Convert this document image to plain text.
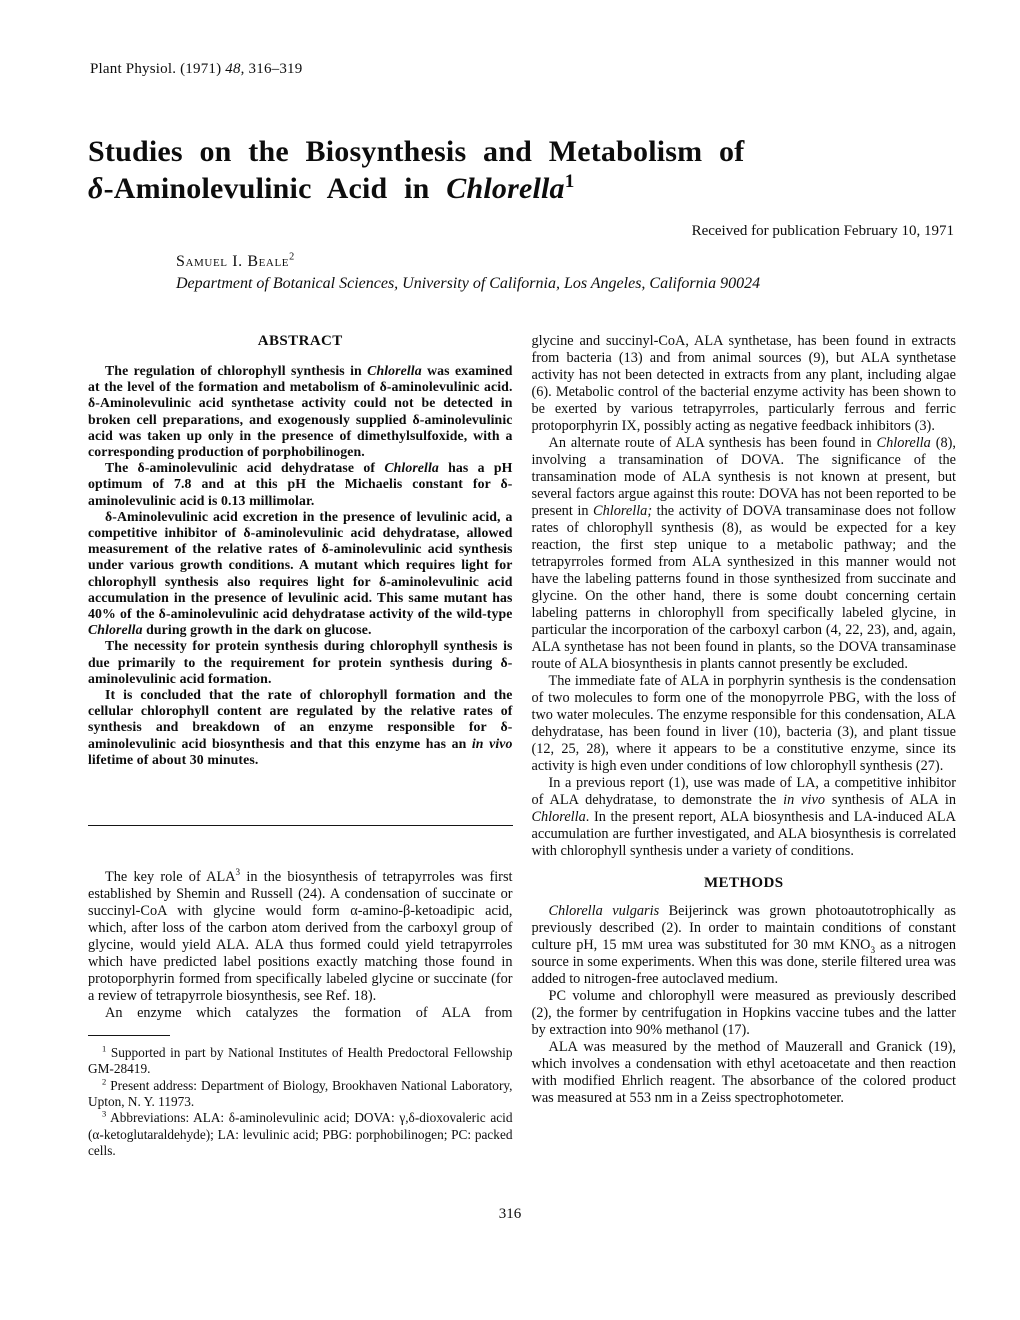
Plant Physiol. (1971) 48, 316–319
Studies on the Biosynthesis and Metabolism of
δ-Aminolevulinic Acid in Chlorella$^1$
Received for publication February 10, 1971
Samuel I. Beale$^2$
Department of Botanical Sciences, University of California, Los Angeles, California 90024
ABSTRACT

The regulation of chlorophyll synthesis in Chlorella was examined at the level of the formation and metabolism of δ-aminolevulinic acid. δ-Aminolevulinic acid synthetase activity could not be detected in broken cell preparations, and exogenously supplied δ-aminolevulinic acid was taken up only in the presence of dimethylsulfoxide, with a corresponding production of porphobilinogen.

The δ-aminolevulinic acid dehydratase of Chlorella has a pH optimum of 7.8 and at this pH the Michaelis constant for δ-aminolevulinic acid is 0.13 millimolar.

δ-Aminolevulinic acid excretion in the presence of levulinic acid, a competitive inhibitor of δ-aminolevulinic acid dehydratase, allowed measurement of the relative rates of δ-aminolevulinic acid synthesis under various growth conditions. A mutant which requires light for chlorophyll synthesis also requires light for δ-aminolevulinic acid accumulation in the presence of levulinic acid. This same mutant has 40% of the δ-aminolevulinic acid dehydratase activity of the wild-type Chlorella during growth in the dark on glucose.

The necessity for protein synthesis during chlorophyll synthesis is due primarily to the requirement for protein synthesis during δ-aminolevulinic acid formation.

It is concluded that the rate of chlorophyll formation and the cellular chlorophyll content are regulated by the relative rates of synthesis and breakdown of an enzyme responsible for δ-aminolevulinic acid biosynthesis and that this enzyme has an in vivo lifetime of about 30 minutes.

The key role of ALA$^3$ in the biosynthesis of tetrapyrroles was first established by Shemin and Russell (24). A condensation of succinate or succinyl-CoA with glycine would form α-amino-β-ketoadipic acid, which, after loss of the carbon atom derived from the carboxyl group of glycine, would yield ALA. ALA thus formed could yield tetrapyrroles which have predicted label positions exactly matching those found in protoporphyrin formed from specifically labeled glycine or succinate (for a review of tetrapyrrole biosynthesis, see Ref. 18).

An enzyme which catalyzes the formation of ALA from

$^1$ Supported in part by National Institutes of Health Predoctoral Fellowship GM-28419.

$^2$ Present address: Department of Biology, Brookhaven National Laboratory, Upton, N. Y. 11973.

$^3$ Abbreviations: ALA: δ-aminolevulinic acid; DOVA: γ,δ-dioxovaleric acid (α-ketoglutaraldehyde); LA: levulinic acid; PBG: porphobilinogen; PC: packed cells.

glycine and succinyl-CoA, ALA synthetase, has been found in extracts from bacteria (13) and from animal sources (9), but ALA synthetase activity has not been detected in extracts from any plant, including algae (6). Metabolic control of the bacterial enzyme activity has been shown to be exerted by various tetrapyrroles, particularly ferrous and ferric protoporphyrin IX, possibly acting as negative feedback inhibitors (3).

An alternate route of ALA synthesis has been found in Chlorella (8), involving a transamination of DOVA. The significance of the transamination mode of ALA synthesis is not known at present, but several factors argue against this route: DOVA has not been reported to be present in Chlorella; the activity of DOVA transaminase does not follow rates of chlorophyll synthesis (8), as would be expected for a key reaction, the first step unique to a metabolic pathway; and the tetrapyrroles formed from ALA synthesized in this manner would not have the labeling patterns found in those synthesized from succinate and glycine. On the other hand, there is some doubt concerning certain labeling patterns in chlorophyll from specifically labeled glycine, in particular the incorporation of the carboxyl carbon (4, 22, 23), and, again, ALA synthetase has not been found in plants, so the DOVA transaminase route of ALA biosynthesis in plants cannot presently be excluded.

The immediate fate of ALA in porphyrin synthesis is the condensation of two molecules to form one of the monopyrrole PBG, with the loss of two water molecules. The enzyme responsible for this condensation, ALA dehydratase, has been found in liver (10), bacteria (3), and plant tissue (12, 25, 28), where it appears to be a constitutive enzyme, since its activity is high even under conditions of low chlorophyll synthesis (27).

In a previous report (1), use was made of LA, a competitive inhibitor of ALA dehydratase, to demonstrate the in vivo synthesis of ALA in Chlorella. In the present report, ALA biosynthesis and LA-induced ALA accumulation are further investigated, and ALA biosynthesis is correlated with chlorophyll synthesis under a variety of conditions.

METHODS

Chlorella vulgaris Beijerinck was grown photoautotrophically as previously described (2). In order to maintain conditions of constant culture pH, 15 mM urea was substituted for 30 mM $KNO_3$ as a nitrogen source in some experiments. When this was done, sterile filtered urea was added to nitrogen-free autoclaved medium.

PC volume and chlorophyll were measured as previously described (2), the former by centrifugation in Hopkins vaccine tubes and the latter by extraction into 90% methanol (17).

ALA was measured by the method of Mauzerall and Granick (19), which involves a condensation with ethyl acetoacetate and then reaction with modified Ehrlich reagent. The absorbance of the colored product was measured at 553 nm in a Zeiss spectrophotometer.

316
